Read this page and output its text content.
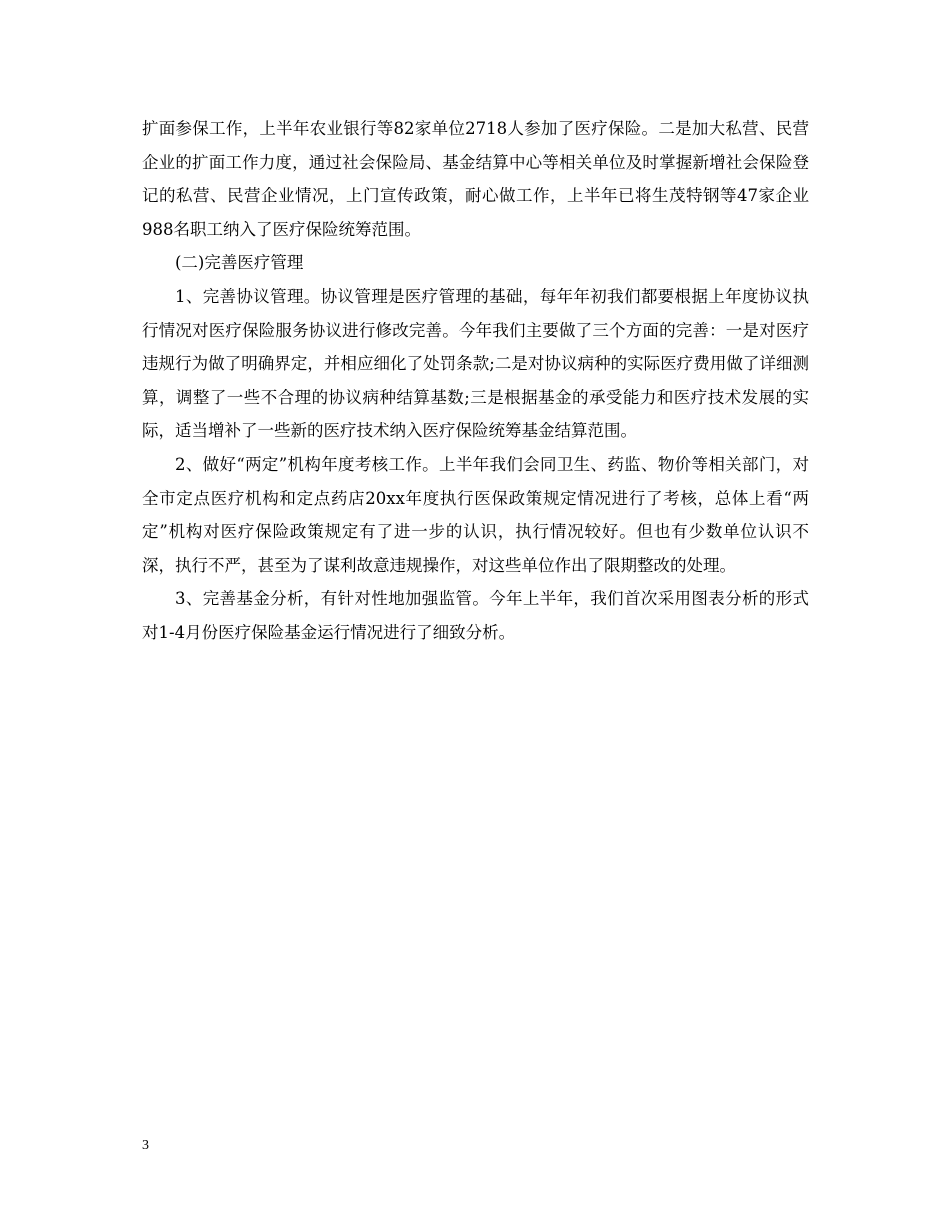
扩面参保工作，上半年农业银行等82家单位2718人参加了医疗保险。二是加大私营、民营企业的扩面工作力度，通过社会保险局、基金结算中心等相关单位及时掌握新增社会保险登记的私营、民营企业情况，上门宣传政策，耐心做工作，上半年已将生茂特钢等47家企业988名职工纳入了医疗保险统筹范围。

(二)完善医疗管理

1、完善协议管理。协议管理是医疗管理的基础，每年年初我们都要根据上年度协议执行情况对医疗保险服务协议进行修改完善。今年我们主要做了三个方面的完善：一是对医疗违规行为做了明确界定，并相应细化了处罚条款;二是对协议病种的实际医疗费用做了详细测算，调整了一些不合理的协议病种结算基数;三是根据基金的承受能力和医疗技术发展的实际，适当增补了一些新的医疗技术纳入医疗保险统筹基金结算范围。

2、做好“两定”机构年度考核工作。上半年我们会同卫生、药监、物价等相关部门，对全市定点医疗机构和定点药店20xx年度执行医保政策规定情况进行了考核，总体上看“两定”机构对医疗保险政策规定有了进一步的认识，执行情况较好。但也有少数单位认识不深，执行不严，甚至为了谋利故意违规操作，对这些单位作出了限期整改的处理。

3、完善基金分析，有针对性地加强监管。今年上半年，我们首次采用图表分析的形式对1-4月份医疗保险基金运行情况进行了细致分析。

3
